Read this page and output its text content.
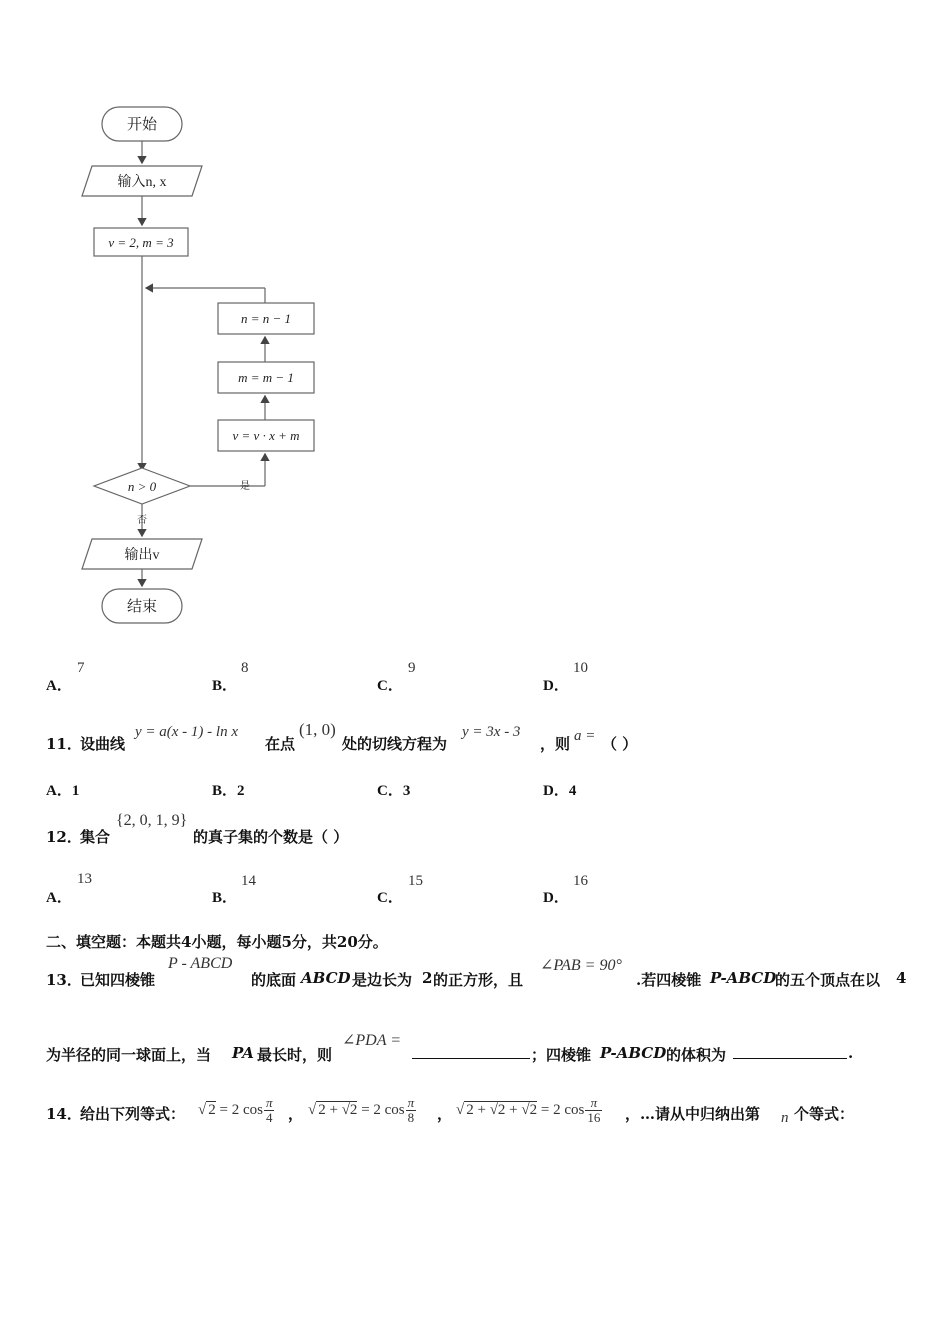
开始
输入n, x
v = 2, m = 3
n = n − 1
m = m − 1
v = v · x + m
n > 0	是
否
输出v
结束
A．
7
B．
8
C．
9
D．
10
11．
设曲线
y = a(x - 1) - ln x
在点
(1, 0)
处的切线方程为
y = 3x - 3
，则 a = （ ）
A．1	B．2	C．3	D．4
12．
集合
{2, 0, 1, 9}
的真子集的个数是（ ）
A．
13
B．
14
C．
15
D．
16
二、填空题：本题共4小题，每小题5分，共20分。
13．
已知四棱锥
P - ABCD
的底面 ABCD 是边长为 2 的正方形，且
∠PAB = 90°
.若四棱锥 P-ABCD
的五个顶点在以 4
为半径的同一球面上，当 PA 最长时，则
∠PDA =
；四棱锥 P-ABCD 的体积为	.
14．
给出下列等式： √ 2 = 2 $\cos \frac{\pi}{4}$ ， √ 2 + √2 = 2 $\cos \frac{\pi}{8}$ ， √ 2 + √2 + √2 = 2 $\cos \frac{\pi}{16}$ ，…请从中归纳出第 n 个等式：
